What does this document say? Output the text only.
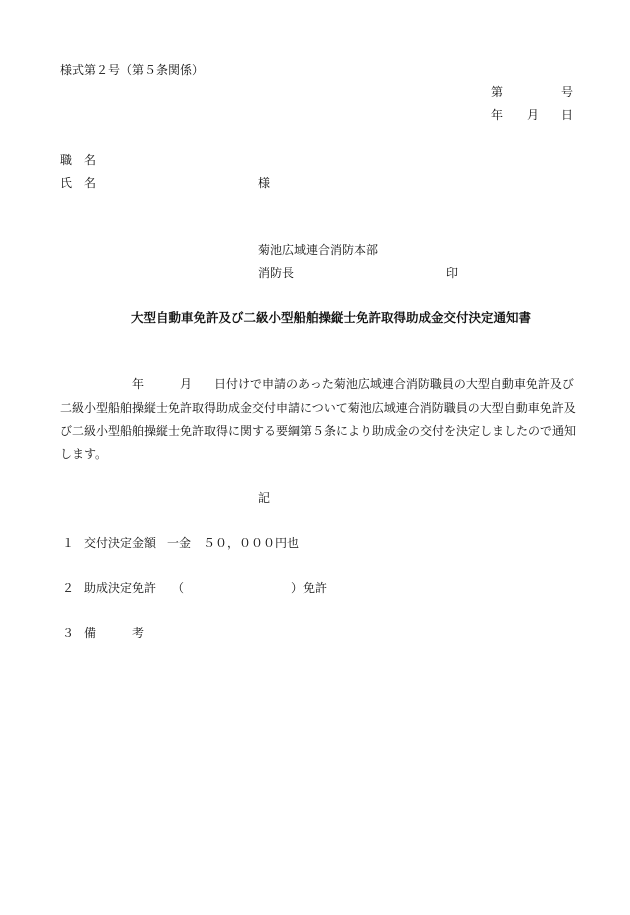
様式第２号（第５条関係）
第	号
年 月 日
職　名
氏　名	様
菊池広域連合消防本部
消防長	印
大型自動車免許及び二級小型船舶操縦士免許取得助成金交付決定通知書
年	月 日付けで申請のあった菊池広域連合消防職員の大型自動車免許及び
二級小型船舶操縦士免許取得助成金交付申請について菊池広域連合消防職員の大型自動車免許及
び二級小型船舶操縦士免許取得に関する要綱第５条により助成金の交付を決定しましたので通知
します。
記
１ 交付決定金額 一金　５０，０００円也
２ 助成決定免許 （	）免許
３ 備　　　考
